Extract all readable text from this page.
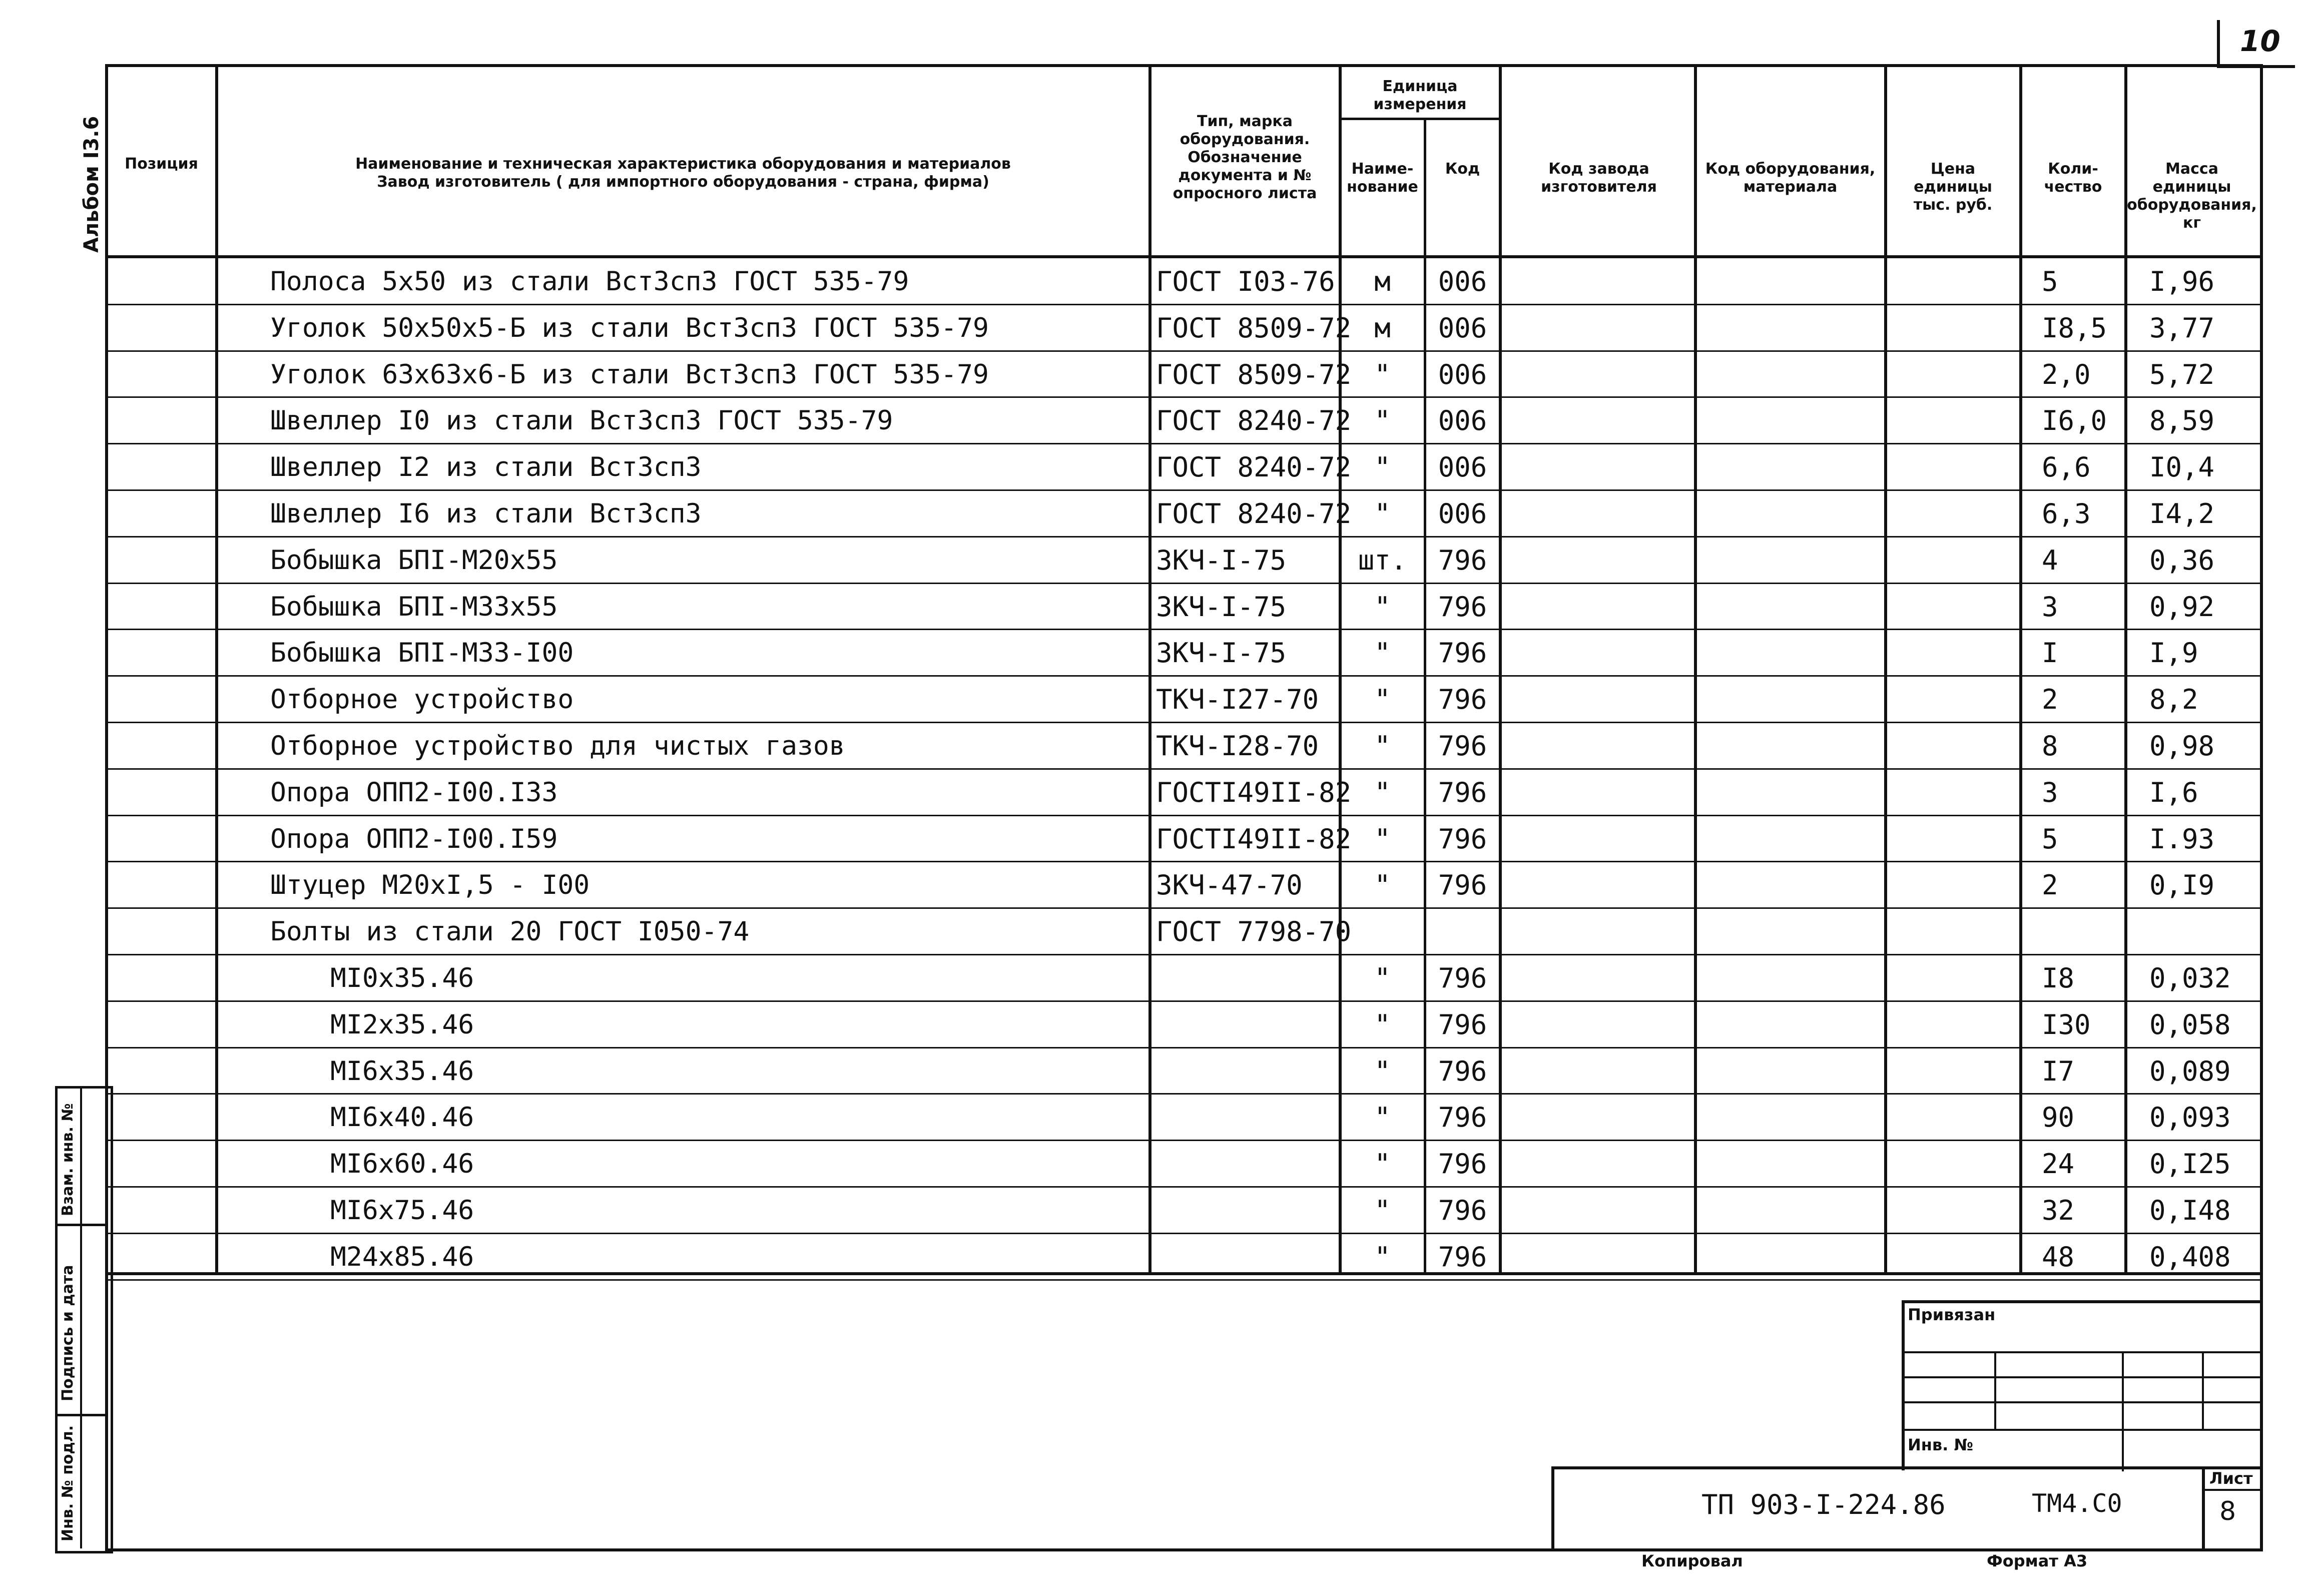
10
Альбом I3.6
Взам. инв. №
Подпись и дата
Инв. № подл.
Позиция	Наименование и техническая характеристика оборудования и материалов
Завод изготовитель ( для импортного оборудования - страна, фирма)
Тип, марка
оборудования.
Обозначение
документа и №
опросного листа
Единица
измерения
Наиме-
нование
Код	Код завода
изготовителя
Код оборудования,
материала
Цена
единицы
тыс. руб.
Коли-
чество
Масса
единицы
оборудования,
кг
Полоса 5x50 из стали ВстЗсп3 ГОСТ 535-79	ГОСТ I03-76	м	006	5	I,96
Уголок 50x50x5-Б из стали ВстЗсп3 ГОСТ 535-79	ГОСТ 8509-72 м	006	I8,5	3,77
Уголок 63x63x6-Б из стали ВстЗсп3 ГОСТ 535-79	ГОСТ 8509-72 "	006	2,0	5,72
Швеллер I0 из стали ВстЗсп3 ГОСТ 535-79	ГОСТ 8240-72 "	006	I6,0	8,59
Швеллер I2 из стали ВстЗсп3	ГОСТ 8240-72 "	006	6,6	I0,4
Швеллер I6 из стали ВстЗсп3	ГОСТ 8240-72 "	006	6,3	I4,2
Бобышка БПI-М20x55	ЗКЧ-I-75	шт.	796	4	0,36
Бобышка БПI-М33x55	ЗКЧ-I-75	"	796	3	0,92
Бобышка БПI-М33-I00	ЗКЧ-I-75	"	796	I	I,9
Отборное устройство	ТКЧ-I27-70	"	796	2	8,2
Отборное устройство для чистых газов	ТКЧ-I28-70	"	796	8	0,98
Опора ОПП2-I00.I33	ГОСТI49II-82 "	796	3	I,6
Опора ОПП2-I00.I59	ГОСТI49II-82 "	796	5	I.93
Штуцер М20xI,5 - I00	ЗКЧ-47-70	"	796	2	0,I9
Болты из стали 20 ГОСТ I050-74	ГОСТ 7798-70
МI0x35.46	"	796	I8	0,032
МI2x35.46	"	796	I30	0,058
МI6x35.46	"	796	I7	0,089
МI6x40.46	"	796	90	0,093
МI6x60.46	"	796	24	0,I25
МI6x75.46	"	796	32	0,I48
М24x85.46	"	796	48	0,408
Привязан
Инв. №
Лист
8
ТП 903-I-224.86	ТМ4.С0
Копировал	Формат А3
